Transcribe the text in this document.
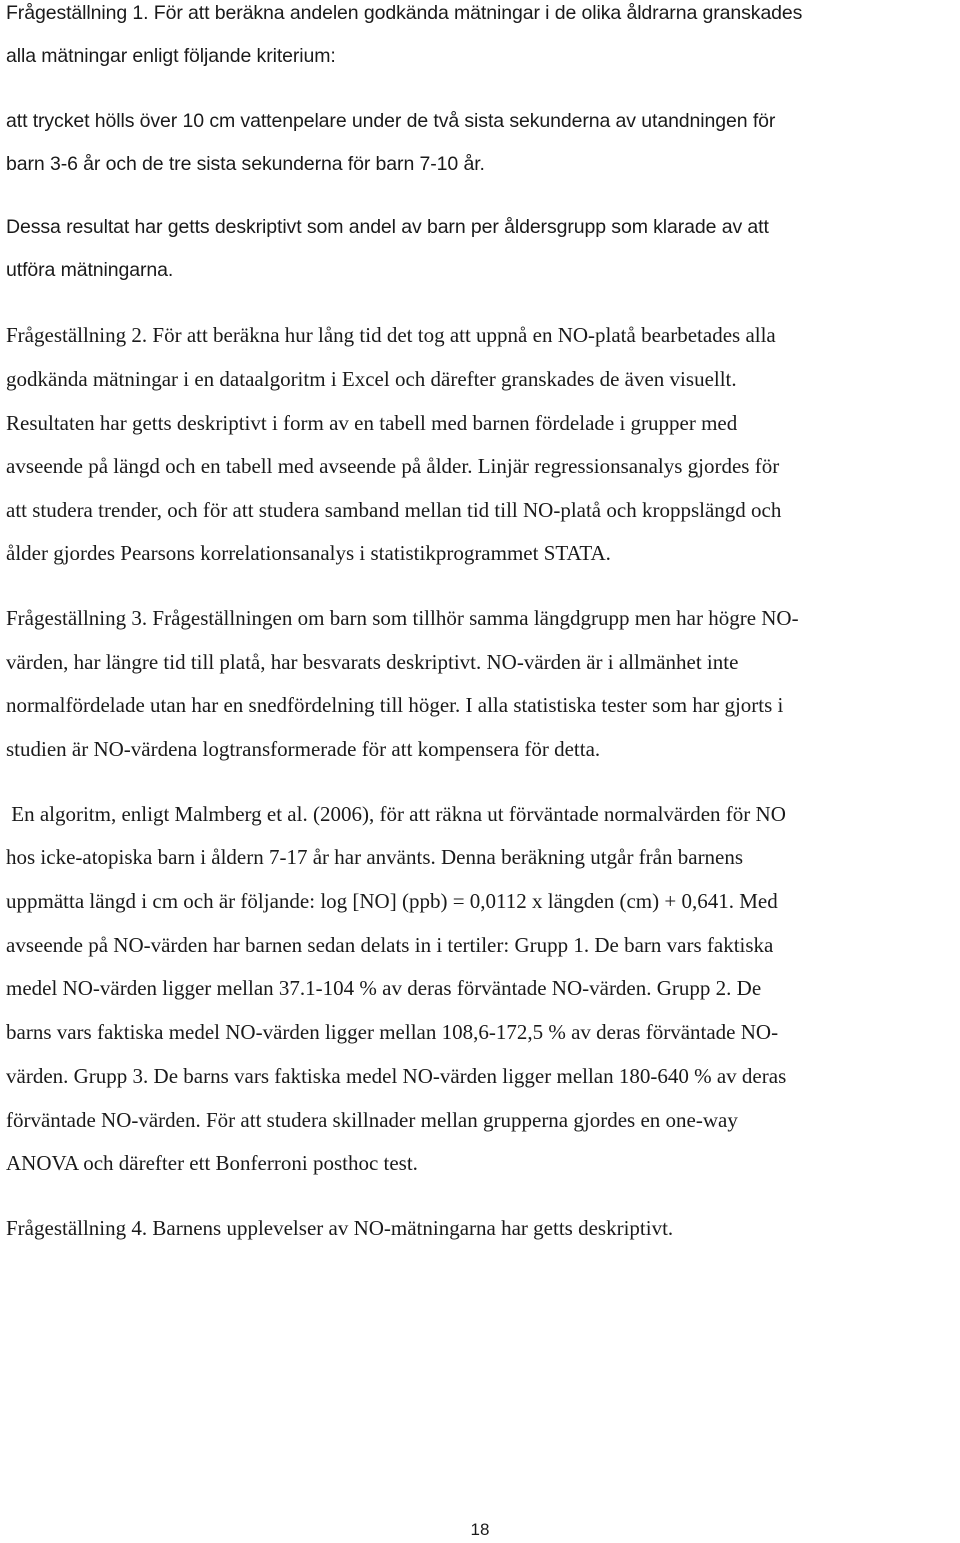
Frågeställning 1. För att beräkna andelen godkända mätningar i de olika åldrarna granskades
alla mätningar enligt följande kriterium:
att trycket hölls över 10 cm vattenpelare under de två sista sekunderna av utandningen för
barn 3-6 år och de tre sista sekunderna för barn 7-10 år.
Dessa resultat har getts deskriptivt som andel av barn per åldersgrupp som klarade av att
utföra mätningarna.
Frågeställning 2. För att beräkna hur lång tid det tog att uppnå en NO-platå bearbetades alla
godkända mätningar i en dataalgoritm i Excel och därefter granskades de även visuellt.
Resultaten har getts deskriptivt i form av en tabell med barnen fördelade i grupper med
avseende på längd och en tabell med avseende på ålder. Linjär regressionsanalys gjordes för
att studera trender, och för att studera samband mellan tid till NO-platå och kroppslängd och
ålder gjordes Pearsons korrelationsanalys i statistikprogrammet STATA.
Frågeställning 3. Frågeställningen om barn som tillhör samma längdgrupp men har högre NO-
värden, har längre tid till platå, har besvarats deskriptivt. NO-värden är i allmänhet inte
normalfördelade utan har en snedfördelning till höger. I alla statistiska tester som har gjorts i
studien är NO-värdena logtransformerade för att kompensera för detta.
En algoritm, enligt Malmberg et al. (2006), för att räkna ut förväntade normalvärden för NO
hos icke-atopiska barn i åldern 7-17 år har använts. Denna beräkning utgår från barnens
uppmätta längd i cm och är följande: log [NO] (ppb) = 0,0112 x längden (cm) + 0,641. Med
avseende på NO-värden har barnen sedan delats in i tertiler: Grupp 1. De barn vars faktiska
medel NO-värden ligger mellan 37.1-104 % av deras förväntade NO-värden. Grupp 2. De
barns vars faktiska medel NO-värden ligger mellan 108,6-172,5 % av deras förväntade NO-
värden. Grupp 3. De barns vars faktiska medel NO-värden ligger mellan 180-640 % av deras
förväntade NO-värden. För att studera skillnader mellan grupperna gjordes en one-way
ANOVA och därefter ett Bonferroni posthoc test.
Frågeställning 4. Barnens upplevelser av NO-mätningarna har getts deskriptivt.
18
